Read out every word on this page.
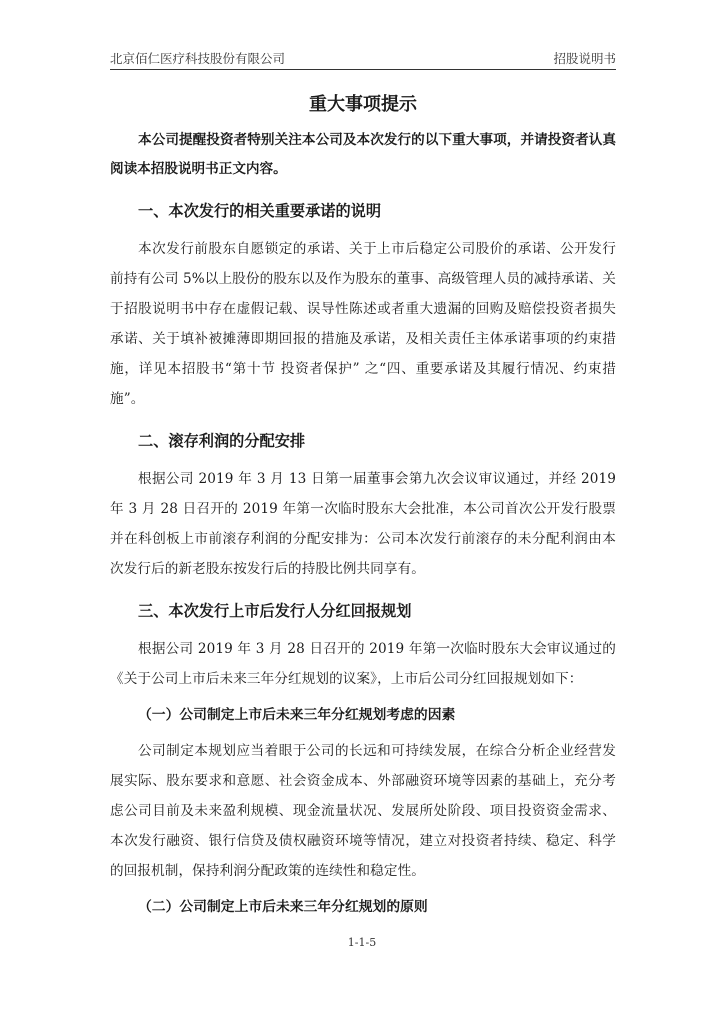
北京佰仁医疗科技股份有限公司	招股说明书
重大事项提示

本公司提醒投资者特别关注本公司及本次发行的以下重大事项，并请投资者认真阅读本招股说明书正文内容。

一、本次发行的相关重要承诺的说明

本次发行前股东自愿锁定的承诺、关于上市后稳定公司股价的承诺、公开发行前持有公司 5%以上股份的股东以及作为股东的董事、高级管理人员的减持承诺、关于招股说明书中存在虚假记载、误导性陈述或者重大遗漏的回购及赔偿投资者损失承诺、关于填补被摊薄即期回报的措施及承诺，及相关责任主体承诺事项的约束措施，详见本招股书“第十节 投资者保护” 之“四、重要承诺及其履行情况、约束措施”。

二、滚存利润的分配安排

根据公司 2019 年 3 月 13 日第一届董事会第九次会议审议通过，并经 2019 年 3 月 28 日召开的 2019 年第一次临时股东大会批准，本公司首次公开发行股票并在科创板上市前滚存利润的分配安排为：公司本次发行前滚存的未分配利润由本次发行后的新老股东按发行后的持股比例共同享有。

三、本次发行上市后发行人分红回报规划

根据公司 2019 年 3 月 28 日召开的 2019 年第一次临时股东大会审议通过的《关于公司上市后未来三年分红规划的议案》，上市后公司分红回报规划如下：

（一）公司制定上市后未来三年分红规划考虑的因素

公司制定本规划应当着眼于公司的长远和可持续发展，在综合分析企业经营发展实际、股东要求和意愿、社会资金成本、外部融资环境等因素的基础上，充分考虑公司目前及未来盈利规模、现金流量状况、发展所处阶段、项目投资资金需求、本次发行融资、银行信贷及债权融资环境等情况，建立对投资者持续、稳定、科学的回报机制，保持利润分配政策的连续性和稳定性。

（二）公司制定上市后未来三年分红规划的原则
1-1-5
